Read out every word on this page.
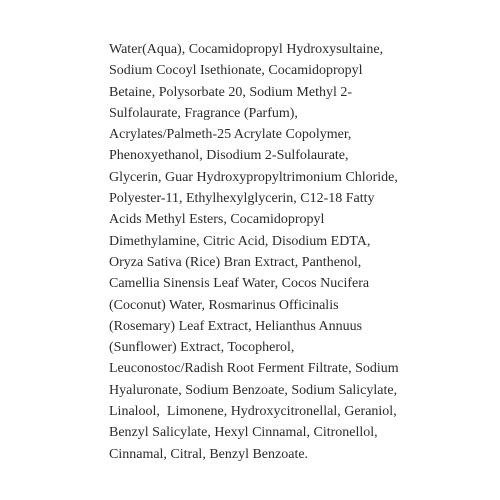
Water(Aqua), Cocamidopropyl Hydroxysultaine,
Sodium Cocoyl Isethionate, Cocamidopropyl
Betaine, Polysorbate 20, Sodium Methyl 2-
Sulfolaurate, Fragrance (Parfum),
Acrylates/Palmeth-25 Acrylate Copolymer,
Phenoxyethanol, Disodium 2-Sulfolaurate,
Glycerin, Guar Hydroxypropyltrimonium Chloride,
Polyester-11, Ethylhexylglycerin, C12-18 Fatty
Acids Methyl Esters, Cocamidopropyl
Dimethylamine, Citric Acid, Disodium EDTA,
Oryza Sativa (Rice) Bran Extract, Panthenol,
Camellia Sinensis Leaf Water, Cocos Nucifera
(Coconut) Water, Rosmarinus Officinalis
(Rosemary) Leaf Extract, Helianthus Annuus
(Sunflower) Extract, Tocopherol,
Leuconostoc/Radish Root Ferment Filtrate, Sodium
Hyaluronate, Sodium Benzoate, Sodium Salicylate,
Linalool,  Limonene, Hydroxycitronellal, Geraniol,
Benzyl Salicylate, Hexyl Cinnamal, Citronellol,
Cinnamal, Citral, Benzyl Benzoate.
